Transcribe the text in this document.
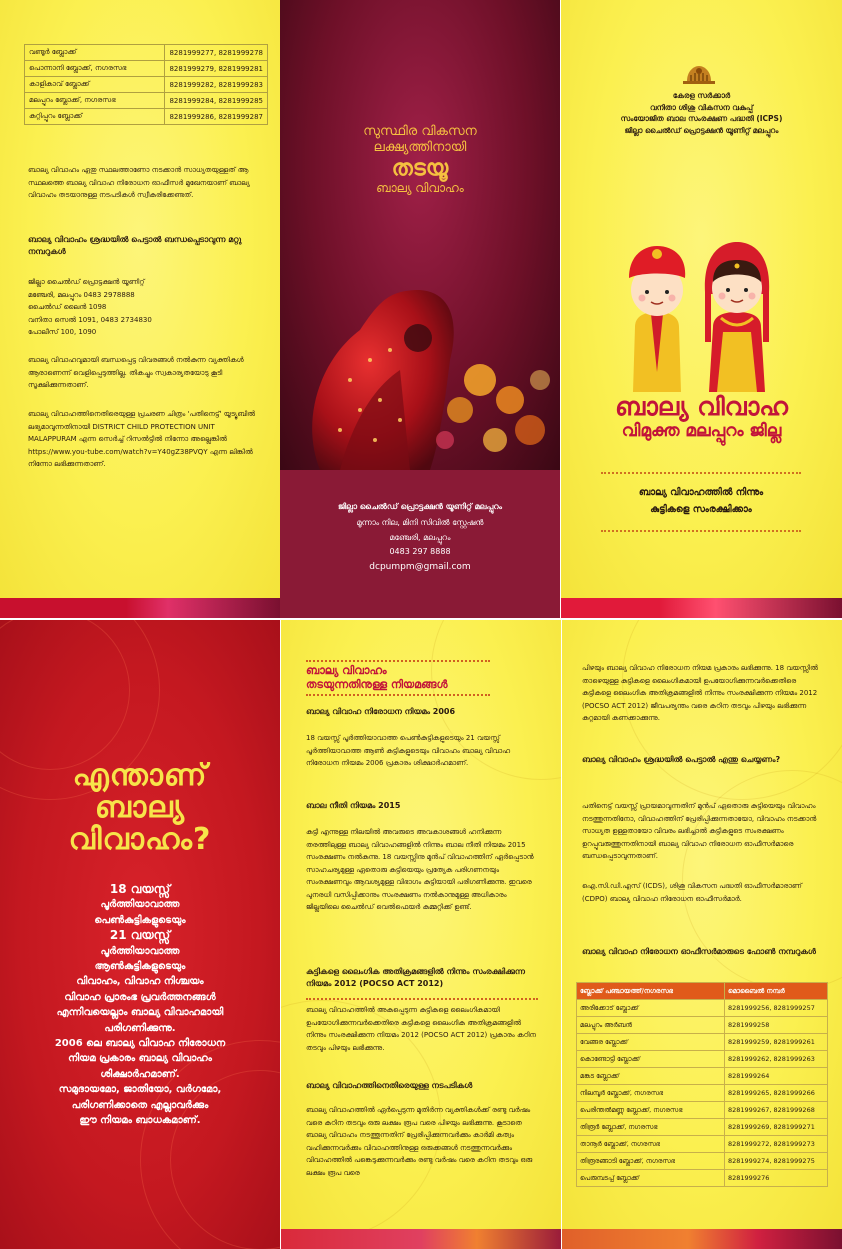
വണ്ടൂർ ബ്ലോക്ക്	8281999277, 8281999278
പൊന്നാനി ബ്ലോക്ക്, നഗരസഭ	8281999279, 8281999281
കാളികാവ് ബ്ലോക്ക്	8281999282, 8281999283
മലപ്പുറം ബ്ലോക്ക്, നഗരസഭ	8281999284, 8281999285
കുറ്റിപ്പുറം ബ്ലോക്ക്	8281999286, 8281999287
ബാല്യ വിവാഹം ഏതു സ്ഥലത്താണോ നടക്കാൻ സാധ്യതയുള്ളത് ആ സ്ഥലത്തെ ബാല്യ വിവാഹ നിരോധന ഓഫീസർ മുഖേനയാണ് ബാല്യ വിവാഹം തടയാനുള്ള നടപടികൾ സ്വീകരിക്കേണ്ടത്.
ബാല്യ വിവാഹം ശ്രദ്ധയിൽ പെട്ടാൽ ബന്ധപ്പെടാവുന്ന മറ്റു നമ്പറുകൾ
ജില്ലാ ചൈൽഡ് പ്രൊട്ടക്ഷൻ യൂണിറ്റ്
മഞ്ചേരി, മലപ്പുറം 0483 2978888
ചൈൽഡ് ലൈൻ 1098
വനിതാ സെൽ 1091, 0483 2734830
പോലീസ് 100, 1090
ബാല്യ വിവാഹവുമായി ബന്ധപ്പെട്ട വിവരങ്ങൾ നൽകുന്ന വ്യക്തികൾ ആരാണെന്ന് വെളിപ്പെടുത്തില്ല. തികച്ചും സ്വകാര്യതയോടു കൂടി സൂക്ഷിക്കുന്നതാണ്.
ബാല്യ വിവാഹത്തിനെതിരെയുള്ള പ്രചരണ ചിത്രം 'പതിനെട്ട്' യൂട്യൂബിൽ ലഭ്യമാവുന്നതിനായി DISTRICT CHILD PROTECTION UNIT MALAPPURAM എന്ന സെർച്ച് റിസൽട്ടിൽ നിന്നോ അല്ലെങ്കിൽ https://www.you-tube.com/watch?v=Y40gZ38PVQY എന്ന ലിങ്കിൽ നിന്നോ ലഭിക്കുന്നതാണ്.
സുസ്ഥിര വികസന
ലക്ഷ്യത്തിനായി
തടയൂ
ബാല്യ വിവാഹം
ജില്ലാ ചൈൽഡ് പ്രൊട്ടക്ഷൻ യൂണിറ്റ് മലപ്പുറം
മൂന്നാം നില, മിനി സിവിൽ സ്റ്റേഷൻ
മഞ്ചേരി, മലപ്പുറം
0483 297 8888
dcpumpm@gmail.com
കേരള സർക്കാർ
വനിതാ ശിശു വികസന വകുപ്പ്
സംയോജിത ബാല സംരക്ഷണ പദ്ധതി (ICPS)
ജില്ലാ ചൈൽഡ് പ്രൊട്ടക്ഷൻ യൂണിറ്റ് മലപ്പുറം
ബാല്യ വിവാഹ
വിമുക്ത മലപ്പുറം ജില്ല
ബാല്യ വിവാഹത്തിൽ നിന്നും
കുട്ടികളെ സംരക്ഷിക്കാം
എന്താണ്
ബാല്യ
വിവാഹം?
18 വയസ്സ്
പൂർത്തിയാവാത്ത
പെൺകുട്ടികളുടെയും
21 വയസ്സ്
പൂർത്തിയാവാത്ത
ആൺകുട്ടികളുടെയും
വിവാഹം, വിവാഹ നിശ്ചയം
വിവാഹ പ്രാരംഭ പ്രവർത്തനങ്ങൾ
എന്നിവയെല്ലാം ബാല്യ വിവാഹമായി
പരിഗണിക്കുന്നു.
2006 ലെ ബാല്യ വിവാഹ നിരോധന
നിയമ പ്രകാരം ബാല്യ വിവാഹം
ശിക്ഷാർഹമാണ്.
സമുദായമോ, ജാതിയോ, വർഗമോ,
പരിഗണിക്കാതെ എല്ലാവർക്കും
ഈ നിയമം ബാധകമാണ്.
ബാല്യ വിവാഹം
തടയുന്നതിനുള്ള നിയമങ്ങൾ
ബാല്യ വിവാഹ നിരോധന നിയമം 2006
18 വയസ്സ് പൂർത്തിയാവാത്ത പെൺകുട്ടികളുടെയും 21 വയസ്സ് പൂർത്തിയാവാത്ത ആൺ കുട്ടികളുടെയും വിവാഹം ബാല്യ വിവാഹ നിരോധന നിയമം 2006 പ്രകാരം ശിക്ഷാർഹമാണ്.
ബാല നീതി നിയമം 2015
കുട്ടി എന്നുള്ള നിലയിൽ അവരുടെ അവകാശങ്ങൾ ഹനിക്കുന്ന തരത്തിലുള്ള ബാല്യ വിവാഹങ്ങളിൽ നിന്നും ബാല നീതി നിയമം 2015 സംരക്ഷണം നൽകുന്നു. 18 വയസ്സിനു മുൻപ് വിവാഹത്തിന് ഏർപ്പെടാൻ സാഹചര്യമുള്ള ഏതൊരു കുട്ടിയെയും പ്രത്യേക പരിഗണനയും സംരക്ഷണവും ആവശ്യമുള്ള വിഭാഗം കുട്ടിയായി പരിഗണിക്കുന്നു. ഇവരെ പുനരധി വസിപ്പിക്കാനും സംരക്ഷണം നൽകാനുമുള്ള അധികാരം ജില്ലയിലെ ചൈൽഡ് വെൽഫെയർ കമ്മറ്റിക്ക് ഉണ്ട്.
കുട്ടികളെ ലൈംഗിക അതിക്രമങ്ങളിൽ നിന്നും സംരക്ഷിക്കുന്ന നിയമം 2012 (POCSO ACT 2012)
ബാല്യ വിവാഹത്തിൽ അകപ്പെടുന്ന കുട്ടികളെ ലൈംഗികമായി ഉപയോഗിക്കുന്നവർക്കെതിരെ കുട്ടികളെ ലൈംഗിക അതിക്രമങ്ങളിൽ നിന്നും സംരക്ഷിക്കുന്ന നിയമം 2012 (POCSO ACT 2012) പ്രകാരം കഠിന തടവും പിഴയും ലഭിക്കുന്നു.
ബാല്യ വിവാഹത്തിനെതിരെയുള്ള നടപടികൾ
ബാല്യ വിവാഹത്തിൽ ഏർപ്പെടുന്ന മുതിർന്ന വ്യക്തികൾക്ക് രണ്ടു വർഷം വരെ കഠിന തടവും ഒരു ലക്ഷം രൂപ വരെ പിഴയും ലഭിക്കുന്നു. കൂടാതെ ബാല്യ വിവാഹം നടത്തുന്നതിന് പ്രേരിപ്പിക്കുന്നവർക്കും കാർമി കത്വം വഹിക്കുന്നവർക്കും വിവാഹത്തിനുള്ള ഒരുക്കങ്ങൾ നടത്തുന്നവർക്കും വിവാഹത്തിൽ പങ്കെടുക്കുന്നവർക്കും രണ്ടു വർഷം വരെ കഠിന തടവും ഒരു ലക്ഷം രൂപ വരെ
പിഴയും ബാല്യ വിവാഹ നിരോധന നിയമ പ്രകാരം ലഭിക്കുന്നു. 18 വയസ്സിൽ താഴെയുള്ള കുട്ടികളെ ലൈംഗികമായി ഉപയോഗിക്കുന്നവർക്കെതിരെ കുട്ടികളെ ലൈംഗിക അതിക്രമങ്ങളിൽ നിന്നും സംരക്ഷിക്കുന്ന നിയമം 2012 (POCSO ACT 2012) ജീവപര്യന്തം വരെ കഠിന തടവും പിഴയും ലഭിക്കുന്ന കുറ്റമായി കണക്കാക്കുന്നു.
ബാല്യ വിവാഹം ശ്രദ്ധയിൽ പെട്ടാൽ എന്തു ചെയ്യണം?
പതിനെട്ട് വയസ്സ് പ്രായമാവുന്നതിന് മുൻപ് ഏതൊരു കുട്ടിയെയും വിവാഹം നടത്തുന്നതിനോ, വിവാഹത്തിന് പ്രേരിപ്പിക്കുന്നതായോ, വിവാഹം നടക്കാൻ സാധ്യത ഉള്ളതായോ വിവരം ലഭിച്ചാൽ കുട്ടികളുടെ സംരക്ഷണം ഉറപ്പുവരുത്തുന്നതിനായി ബാല്യ വിവാഹ നിരോധന ഓഫീസർമാരെ ബന്ധപ്പെടാവുന്നതാണ്.
ഐ.സി.ഡി.എസ് (ICDS), ശിശു വികസന പദ്ധതി ഓഫീസർമാരാണ് (CDPO) ബാല്യ വിവാഹ നിരോധന ഓഫീസർമാർ.
ബാല്യ വിവാഹ നിരോധന ഓഫീസർമാരുടെ ഫോൺ നമ്പറുകൾ
ബ്ലോക്ക് പഞ്ചായത്ത്/നഗരസഭ	മൊബൈൽ നമ്പർ
അരീക്കോട് ബ്ലോക്ക്	8281999256, 8281999257
മലപ്പുറം അർബൻ	8281999258
വേങ്ങര ബ്ലോക്ക്	8281999259, 8281999261
കൊണ്ടോട്ടി ബ്ലോക്ക്	8281999262, 8281999263
മങ്കട ബ്ലോക്ക്	8281999264
നിലമ്പൂർ ബ്ലോക്ക്, നഗരസഭ	8281999265, 8281999266
പെരിന്തൽമണ്ണ ബ്ലോക്ക്, നഗരസഭ	8281999267, 8281999268
തിരൂർ ബ്ലോക്ക്, നഗരസഭ	8281999269, 8281999271
താനൂർ ബ്ലോക്ക്, നഗരസഭ	8281999272, 8281999273
തിരൂരങ്ങാടി ബ്ലോക്ക്, നഗരസഭ	8281999274, 8281999275
പെരുമ്പടപ്പ് ബ്ലോക്ക്	8281999276
